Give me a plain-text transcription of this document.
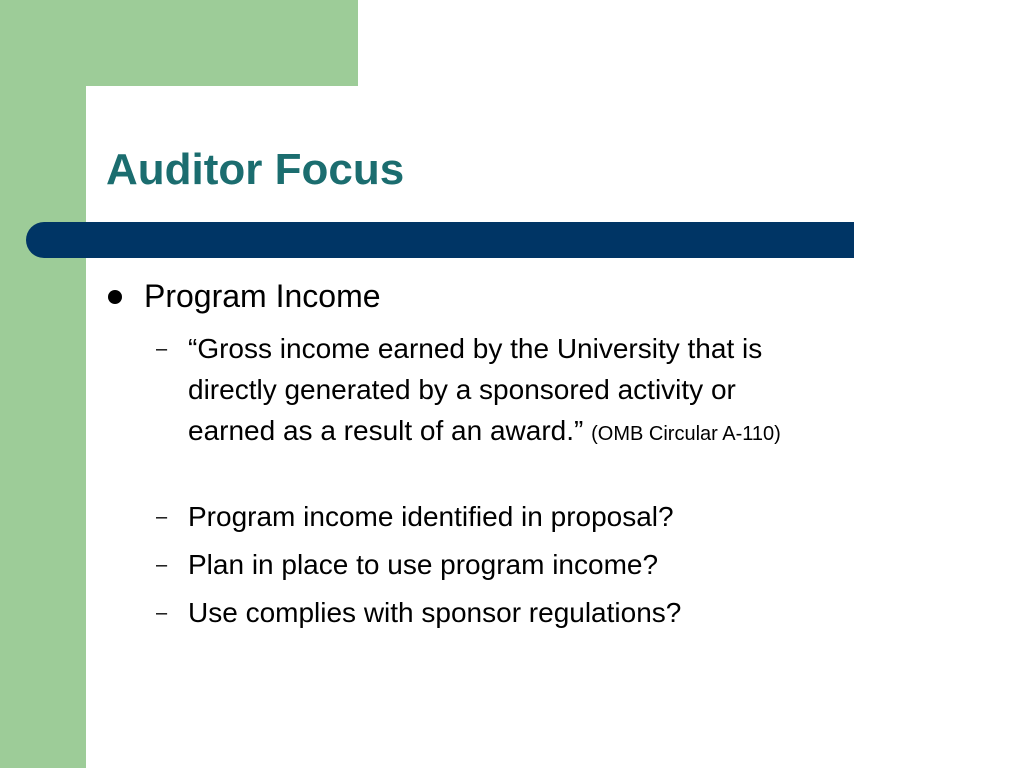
Auditor Focus
Program Income
– “Gross income earned by the University that is
directly generated by a sponsored activity or
earned as a result of an award.” (OMB Circular A-110)
– Program income identified in proposal?
– Plan in place to use program income?
– Use complies with sponsor regulations?
